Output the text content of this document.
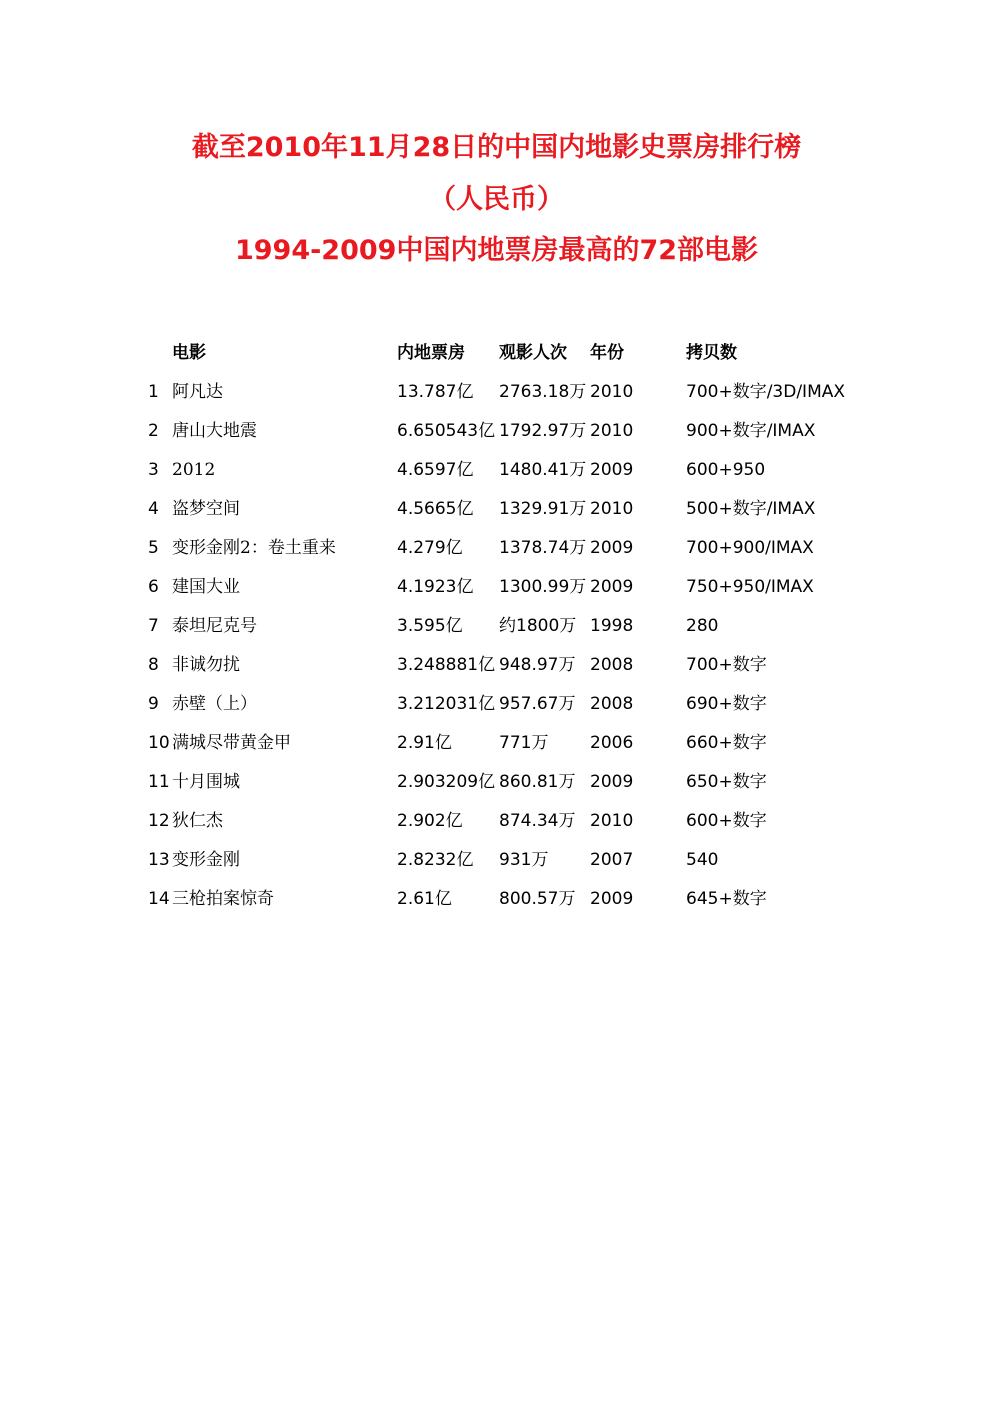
截至2010年11月28日的中国内地影史票房排行榜
（人民币）
1994-2009中国内地票房最高的72部电影
	电影	内地票房	观影人次	年份	拷贝数
1	阿凡达	13.787亿	2763.18万	2010	700+数字/3D/IMAX
2	唐山大地震	6.650543亿	1792.97万	2010	900+数字/IMAX
3	2012	4.6597亿	1480.41万	2009	600+950
4	盗梦空间	4.5665亿	1329.91万	2010	500+数字/IMAX
5	变形金刚2：卷土重来	4.279亿	1378.74万	2009	700+900/IMAX
6	建国大业	4.1923亿	1300.99万	2009	750+950/IMAX
7	泰坦尼克号	3.595亿	约1800万	1998	280
8	非诚勿扰	3.248881亿	948.97万	2008	700+数字
9	赤壁（上）	3.212031亿	957.67万	2008	690+数字
10	满城尽带黄金甲	2.91亿	771万	2006	660+数字
11	十月围城	2.903209亿	860.81万	2009	650+数字
12	狄仁杰	2.902亿	874.34万	2010	600+数字
13	变形金刚	2.8232亿	931万	2007	540
14	三枪拍案惊奇	2.61亿	800.57万	2009	645+数字
